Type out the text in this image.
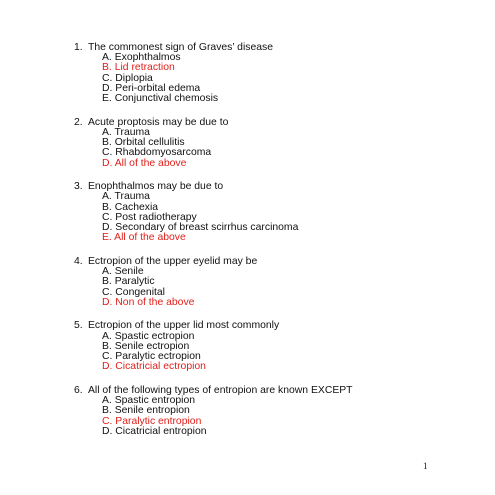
1. The commonest sign of Graves’ disease
A. Exophthalmos
B. Lid retraction
C. Diplopia
D. Peri-orbital edema
E. Conjunctival chemosis
2. Acute proptosis may be due to
A. Trauma
B. Orbital cellulitis
C. Rhabdomyosarcoma
D. All of the above
3. Enophthalmos may be due to
A. Trauma
B. Cachexia
C. Post radiotherapy
D. Secondary of breast scirrhus carcinoma
E. All of the above
4. Ectropion of the upper eyelid may be
A. Senile
B. Paralytic
C. Congenital
D. Non of the above
5. Ectropion of the upper lid most commonly
A. Spastic ectropion
B. Senile ectropion
C. Paralytic ectropion
D. Cicatricial ectropion
6. All of the following types of entropion are known EXCEPT
A. Spastic entropion
B. Senile entropion
C. Paralytic entropion
D. Cicatricial entropion
1
